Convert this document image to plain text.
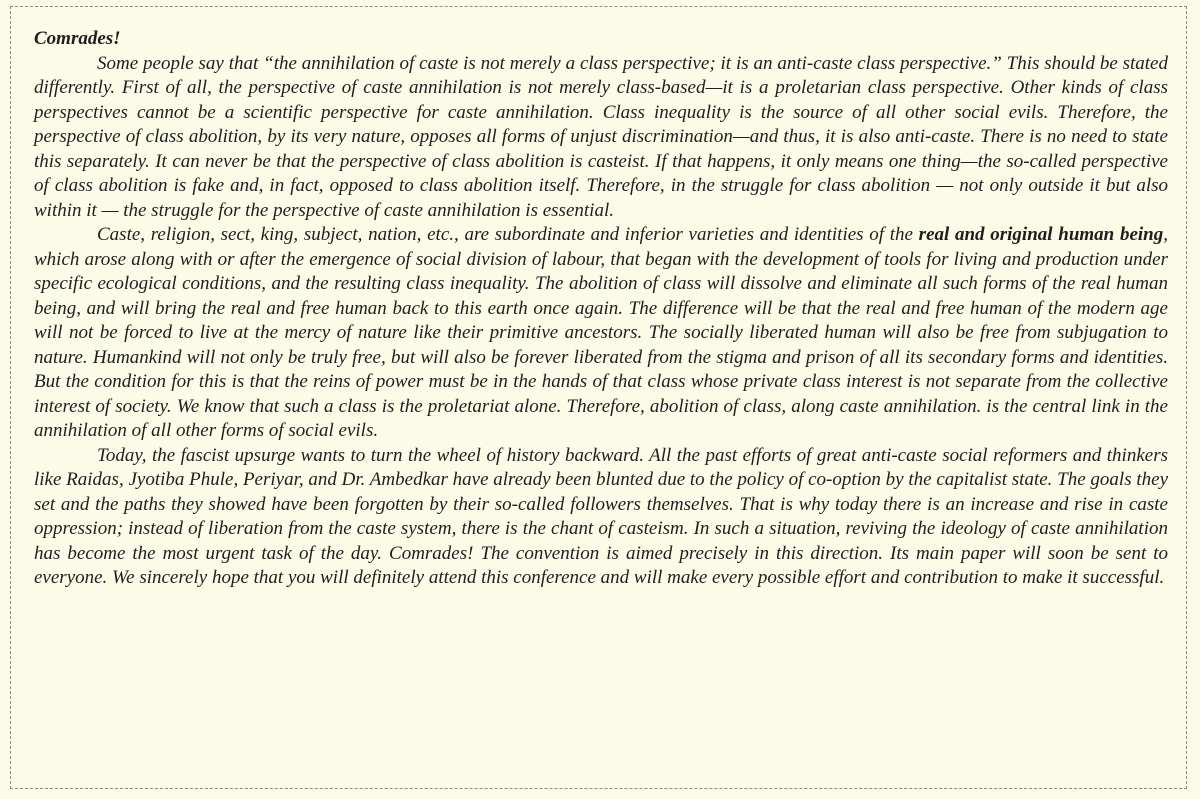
Comrades!

Some people say that “the annihilation of caste is not merely a class perspective; it is an anti-caste class perspective.” This should be stated differently. First of all, the perspective of caste annihilation is not merely class-based—it is a proletarian class perspective. Other kinds of class perspectives cannot be a scientific perspective for caste annihilation. Class inequality is the source of all other social evils. Therefore, the perspective of class abolition, by its very nature, opposes all forms of unjust discrimination—and thus, it is also anti-caste. There is no need to state this separately. It can never be that the perspective of class abolition is casteist. If that happens, it only means one thing—the so-called perspective of class abolition is fake and, in fact, opposed to class abolition itself. Therefore, in the struggle for class abolition — not only outside it but also within it — the struggle for the perspective of caste annihilation is essential.

Caste, religion, sect, king, subject, nation, etc., are subordinate and inferior varieties and identities of the real and original human being, which arose along with or after the emergence of social division of labour, that began with the development of tools for living and production under specific ecological conditions, and the resulting class inequality. The abolition of class will dissolve and eliminate all such forms of the real human being, and will bring the real and free human back to this earth once again. The difference will be that the real and free human of the modern age will not be forced to live at the mercy of nature like their primitive ancestors. The socially liberated human will also be free from subjugation to nature. Humankind will not only be truly free, but will also be forever liberated from the stigma and prison of all its secondary forms and identities. But the condition for this is that the reins of power must be in the hands of that class whose private class interest is not separate from the collective interest of society. We know that such a class is the proletariat alone. Therefore, abolition of class, along caste annihilation. is the central link in the annihilation of all other forms of social evils.

Today, the fascist upsurge wants to turn the wheel of history backward. All the past efforts of great anti-caste social reformers and thinkers like Raidas, Jyotiba Phule, Periyar, and Dr. Ambedkar have already been blunted due to the policy of co-option by the capitalist state. The goals they set and the paths they showed have been forgotten by their so-called followers themselves. That is why today there is an increase and rise in caste oppression; instead of liberation from the caste system, there is the chant of casteism. In such a situation, reviving the ideology of caste annihilation has become the most urgent task of the day. Comrades! The convention is aimed precisely in this direction. Its main paper will soon be sent to everyone. We sincerely hope that you will definitely attend this conference and will make every possible effort and contribution to make it successful.
